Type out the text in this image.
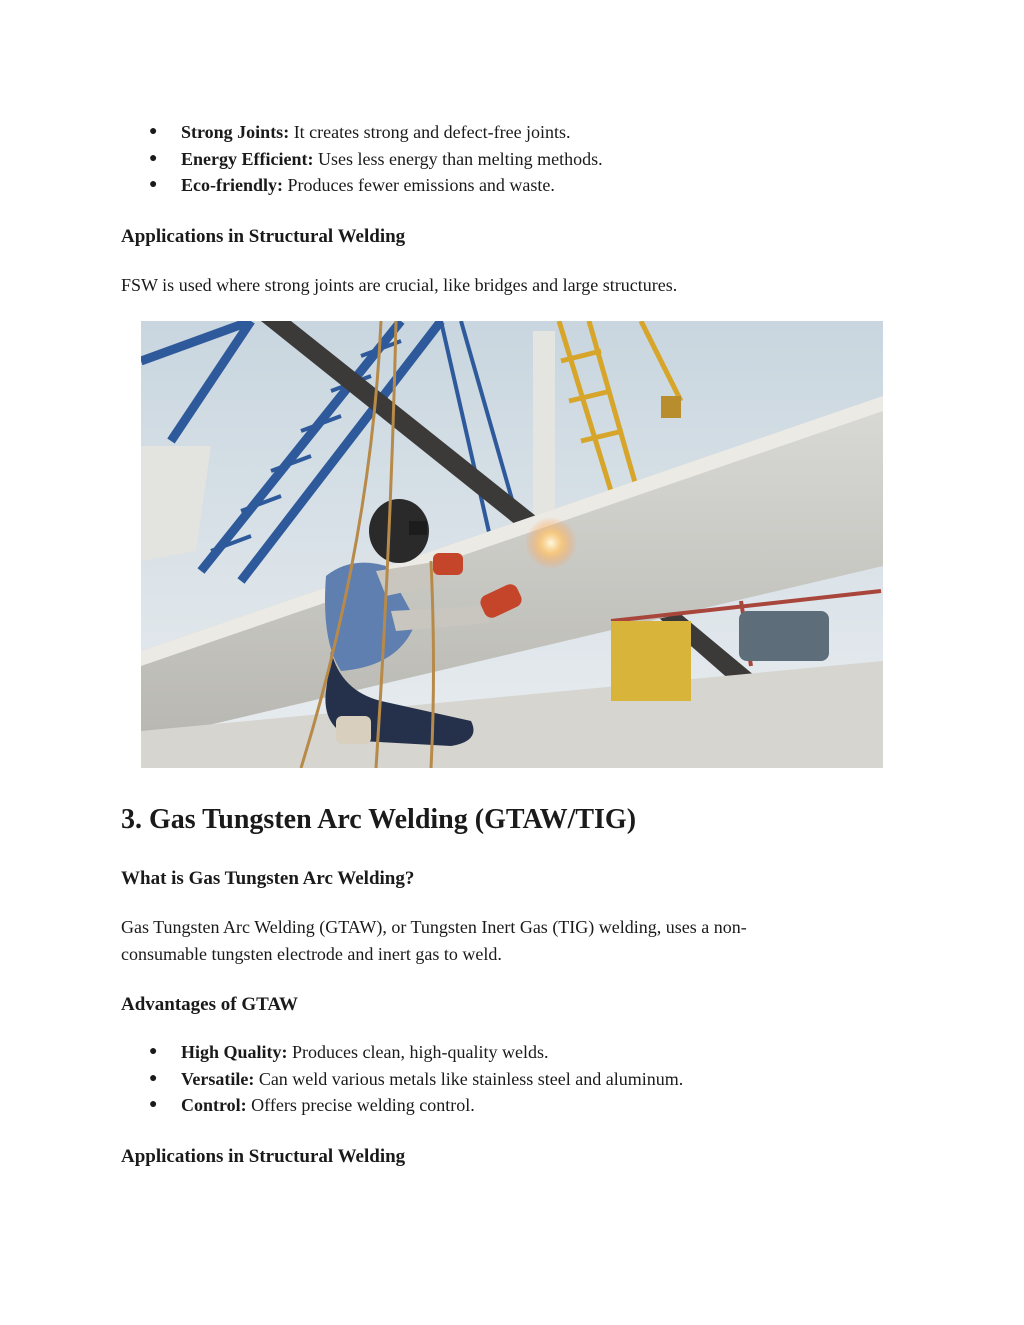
● Strong Joints: It creates strong and defect-free joints.
● Energy Efficient: Uses less energy than melting methods.
● Eco-friendly: Produces fewer emissions and waste.
Applications in Structural Welding

FSW is used where strong joints are crucial, like bridges and large structures.

3. Gas Tungsten Arc Welding (GTAW/TIG)
What is Gas Tungsten Arc Welding?

Gas Tungsten Arc Welding (GTAW), or Tungsten Inert Gas (TIG) welding, uses a non-consumable tungsten electrode and inert gas to weld.

Advantages of GTAW
● High Quality: Produces clean, high-quality welds.
● Versatile: Can weld various metals like stainless steel and aluminum.
● Control: Offers precise welding control.
Applications in Structural Welding
